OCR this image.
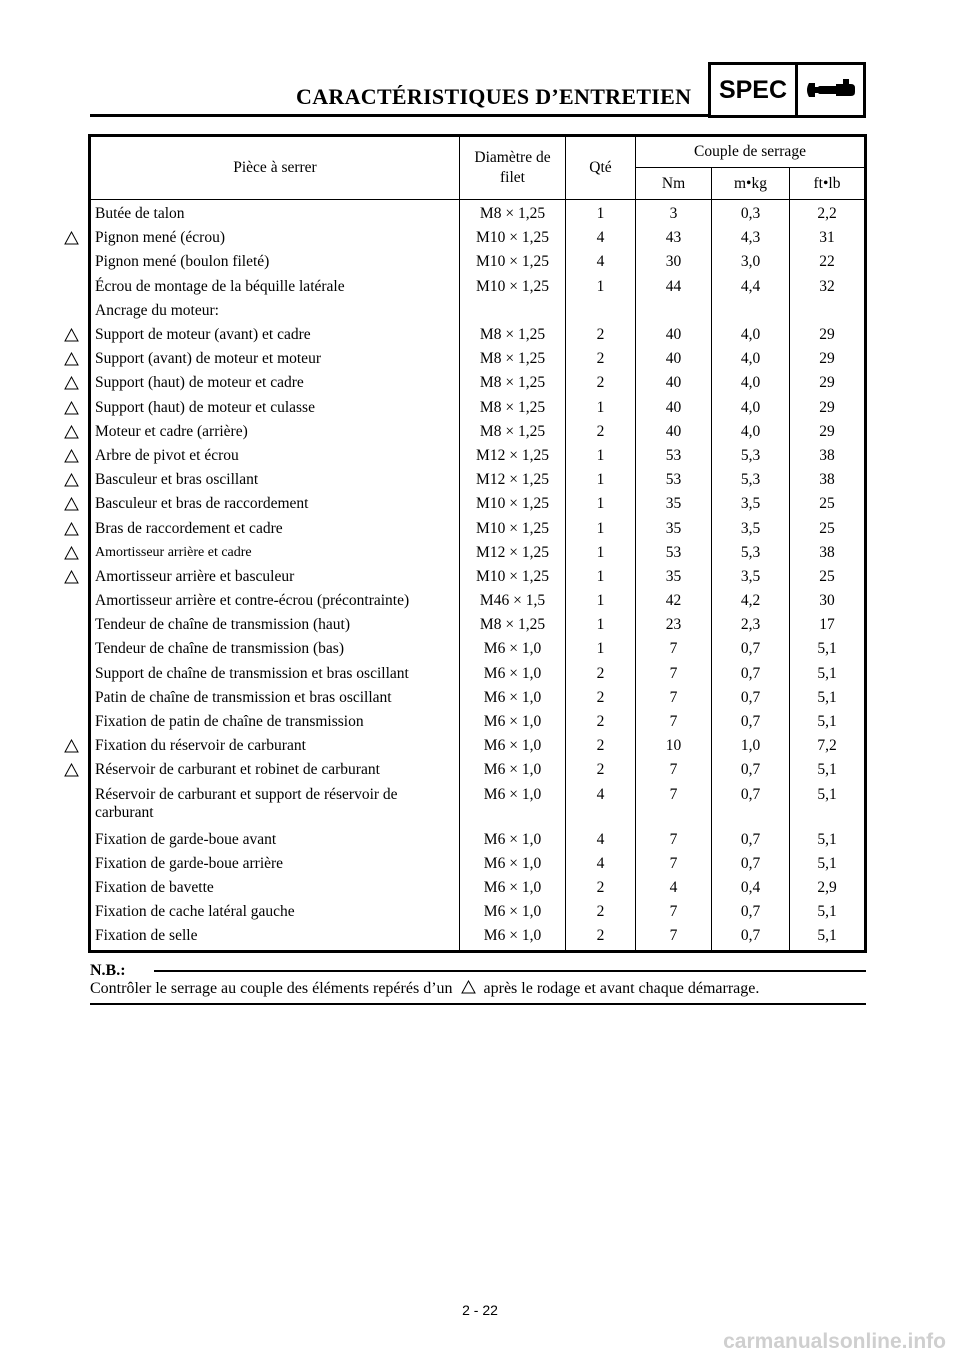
CARACTÉRISTIQUES D’ENTRETIEN	SPEC
Pièce à serrer	Diamètre de filet	Qté	Couple de serrage		
			Nm	m•kg	ft•lb
Butée de talon	M8 × 1,25	1	3	0,3	2,2
Pignon mené (écrou)	M10 × 1,25	4	43	4,3	31
Pignon mené (boulon fileté)	M10 × 1,25	4	30	3,0	22
Écrou de montage de la béquille latérale	M10 × 1,25	1	44	4,4	32
Ancrage du moteur:					
Support de moteur (avant) et cadre	M8 × 1,25	2	40	4,0	29
Support (avant) de moteur et moteur	M8 × 1,25	2	40	4,0	29
Support (haut) de moteur et cadre	M8 × 1,25	2	40	4,0	29
Support (haut) de moteur et culasse	M8 × 1,25	1	40	4,0	29
Moteur et cadre (arrière)	M8 × 1,25	2	40	4,0	29
Arbre de pivot et écrou	M12 × 1,25	1	53	5,3	38
Basculeur et bras oscillant	M12 × 1,25	1	53	5,3	38
Basculeur et bras de raccordement	M10 × 1,25	1	35	3,5	25
Bras de raccordement et cadre	M10 × 1,25	1	35	3,5	25
Amortisseur arrière et cadre	M12 × 1,25	1	53	5,3	38
Amortisseur arrière et basculeur	M10 × 1,25	1	35	3,5	25
Amortisseur arrière et contre-écrou (précontrainte)	M46 × 1,5	1	42	4,2	30
Tendeur de chaîne de transmission (haut)	M8 × 1,25	1	23	2,3	17
Tendeur de chaîne de transmission (bas)	M6 × 1,0	1	7	0,7	5,1
Support de chaîne de transmission et bras oscillant	M6 × 1,0	2	7	0,7	5,1
Patin de chaîne de transmission et bras oscillant	M6 × 1,0	2	7	0,7	5,1
Fixation de patin de chaîne de transmission	M6 × 1,0	2	7	0,7	5,1
Fixation du réservoir de carburant	M6 × 1,0	2	10	1,0	7,2
Réservoir de carburant et robinet de carburant	M6 × 1,0	2	7	0,7	5,1
Réservoir de carburant et support de réservoir de carburant	M6 × 1,0	4	7	0,7	5,1
Fixation de garde-boue avant	M6 × 1,0	4	7	0,7	5,1
Fixation de garde-boue arrière	M6 × 1,0	4	7	0,7	5,1
Fixation de bavette	M6 × 1,0	2	4	0,4	2,9
Fixation de cache latéral gauche	M6 × 1,0	2	7	0,7	5,1
Fixation de selle	M6 × 1,0	2	7	0,7	5,1
N.B.:
Contrôler le serrage au couple des éléments repérés d’un après le rodage et avant chaque démarrage.
2 - 22
carmanualsonline.info
